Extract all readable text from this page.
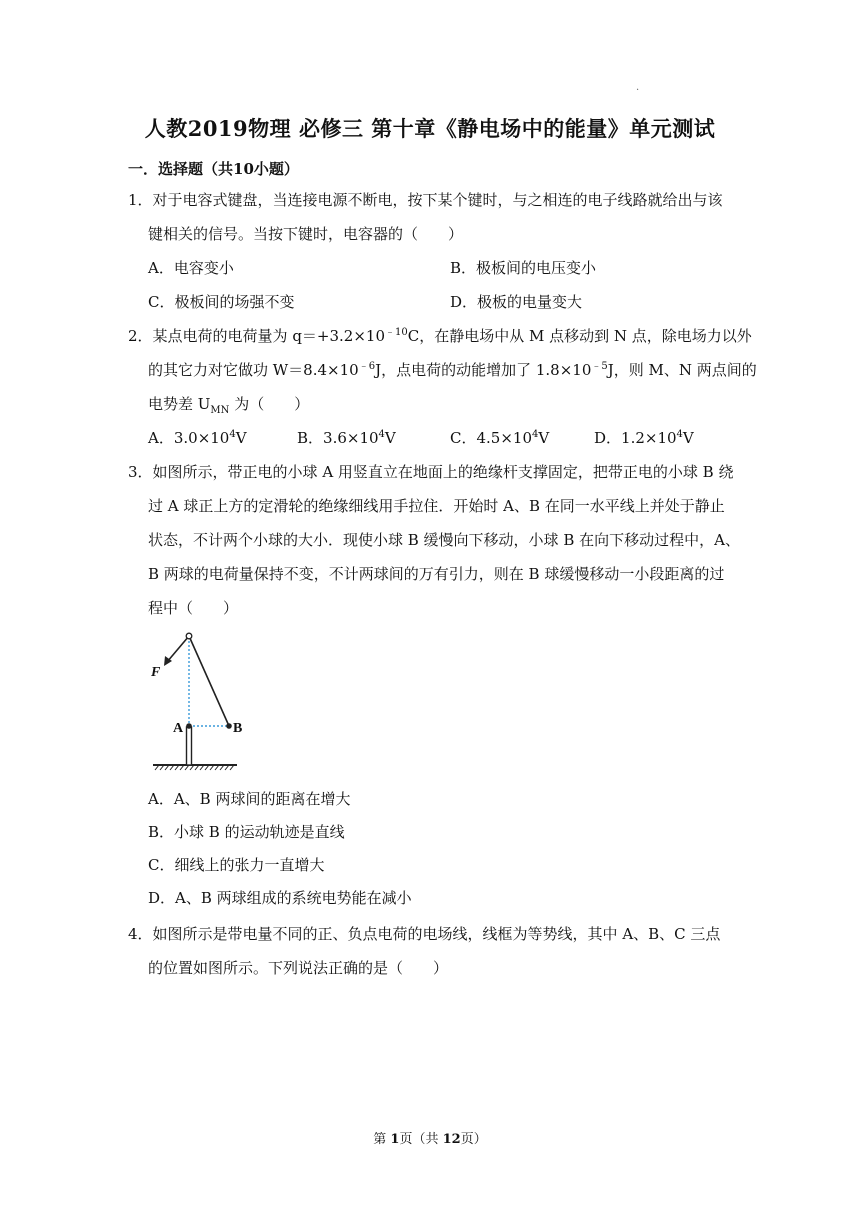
.
人教2019物理 必修三 第十章《静电场中的能量》单元测试
一．选择题（共10小题）
1．对于电容式键盘，当连接电源不断电，按下某个键时，与之相连的电子线路就给出与该
键相关的信号。当按下键时，电容器的（　　）
A．电容变小	B．极板间的电压变小
C．极板间的场强不变	D．极板的电量变大
2．某点电荷的电荷量为 $q=+3.2\times 10^{﹣10}C$，在静电场中从 M 点移动到 N 点，除电场力以外
的其它力对它做功 $W=8.4\times 10^{﹣6}J$，点电荷的动能增加了 $1.8\times 10^{﹣5}J$，则 M、N 两点间的
电势差 $U_{MN}$ 为（　　）
A．$3.0\times 10^4V$	B．$3.6\times 10^4V$	C．$4.5\times 10^4V$	D．$1.2\times 10^4V$
3．如图所示，带正电的小球 A 用竖直立在地面上的绝缘杆支撑固定，把带正电的小球 B 绕
过 A 球正上方的定滑轮的绝缘细线用手拉住．开始时 A、B 在同一水平线上并处于静止
状态，不计两个小球的大小．现使小球 B 缓慢向下移动，小球 B 在向下移动过程中，A、
B 两球的电荷量保持不变，不计两球间的万有引力，则在 B 球缓慢移动一小段距离的过
程中（　　）
F
A	B
A．A、B 两球间的距离在增大
B．小球 B 的运动轨迹是直线
C．细线上的张力一直增大
D．A、B 两球组成的系统电势能在减小
4．如图所示是带电量不同的正、负点电荷的电场线，线框为等势线，其中 A、B、C 三点
的位置如图所示。下列说法正确的是（　　）
第 1页（共 12页）
